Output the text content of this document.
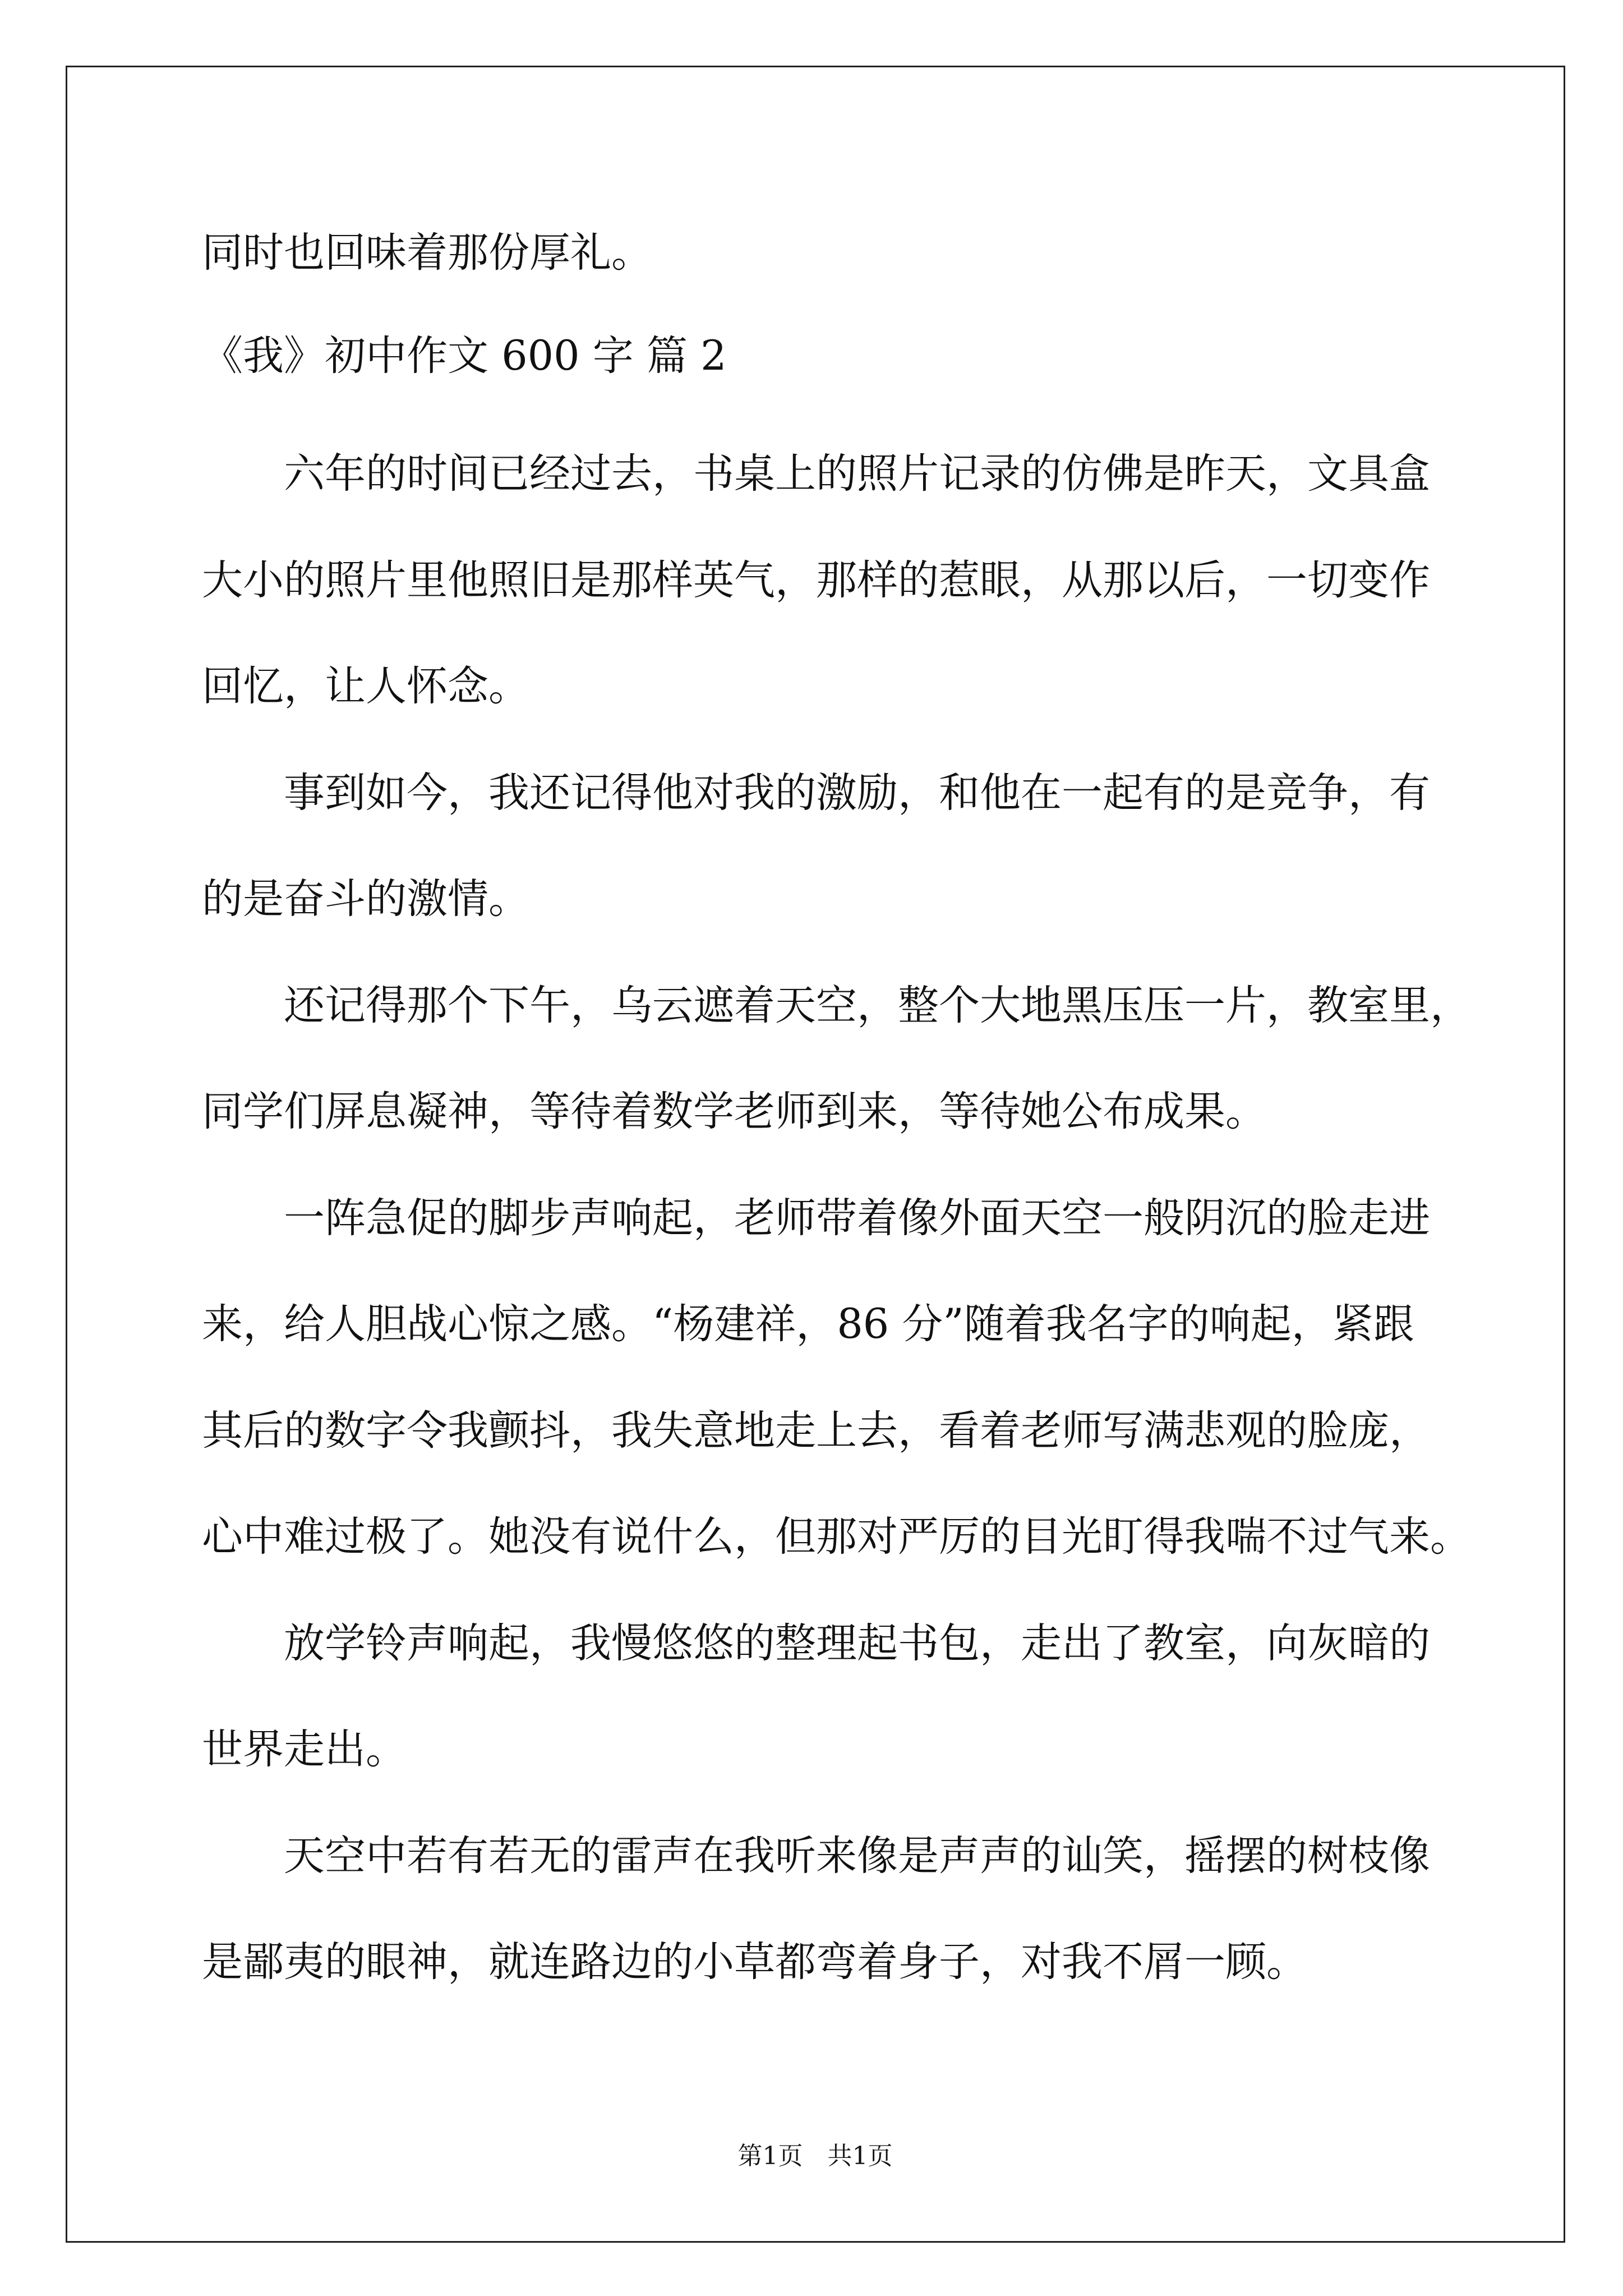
同时也回味着那份厚礼。
《我》初中作文 600 字 篇 2
六年的时间已经过去，书桌上的照片记录的仿佛是昨天，文具盒
大小的照片里他照旧是那样英气，那样的惹眼，从那以后，一切变作
回忆，让人怀念。
事到如今，我还记得他对我的激励，和他在一起有的是竞争，有
的是奋斗的激情。
还记得那个下午，乌云遮着天空，整个大地黑压压一片，教室里，
同学们屏息凝神，等待着数学老师到来，等待她公布成果。
一阵急促的脚步声响起，老师带着像外面天空一般阴沉的脸走进
来，给人胆战心惊之感。“杨建祥，86 分”随着我名字的响起，紧跟
其后的数字令我颤抖，我失意地走上去，看着老师写满悲观的脸庞，
心中难过极了。她没有说什么，但那对严厉的目光盯得我喘不过气来。
放学铃声响起，我慢悠悠的整理起书包，走出了教室，向灰暗的
世界走出。
天空中若有若无的雷声在我听来像是声声的讪笑，摇摆的树枝像
是鄙夷的眼神，就连路边的小草都弯着身子，对我不屑一顾。
第1页　共1页
